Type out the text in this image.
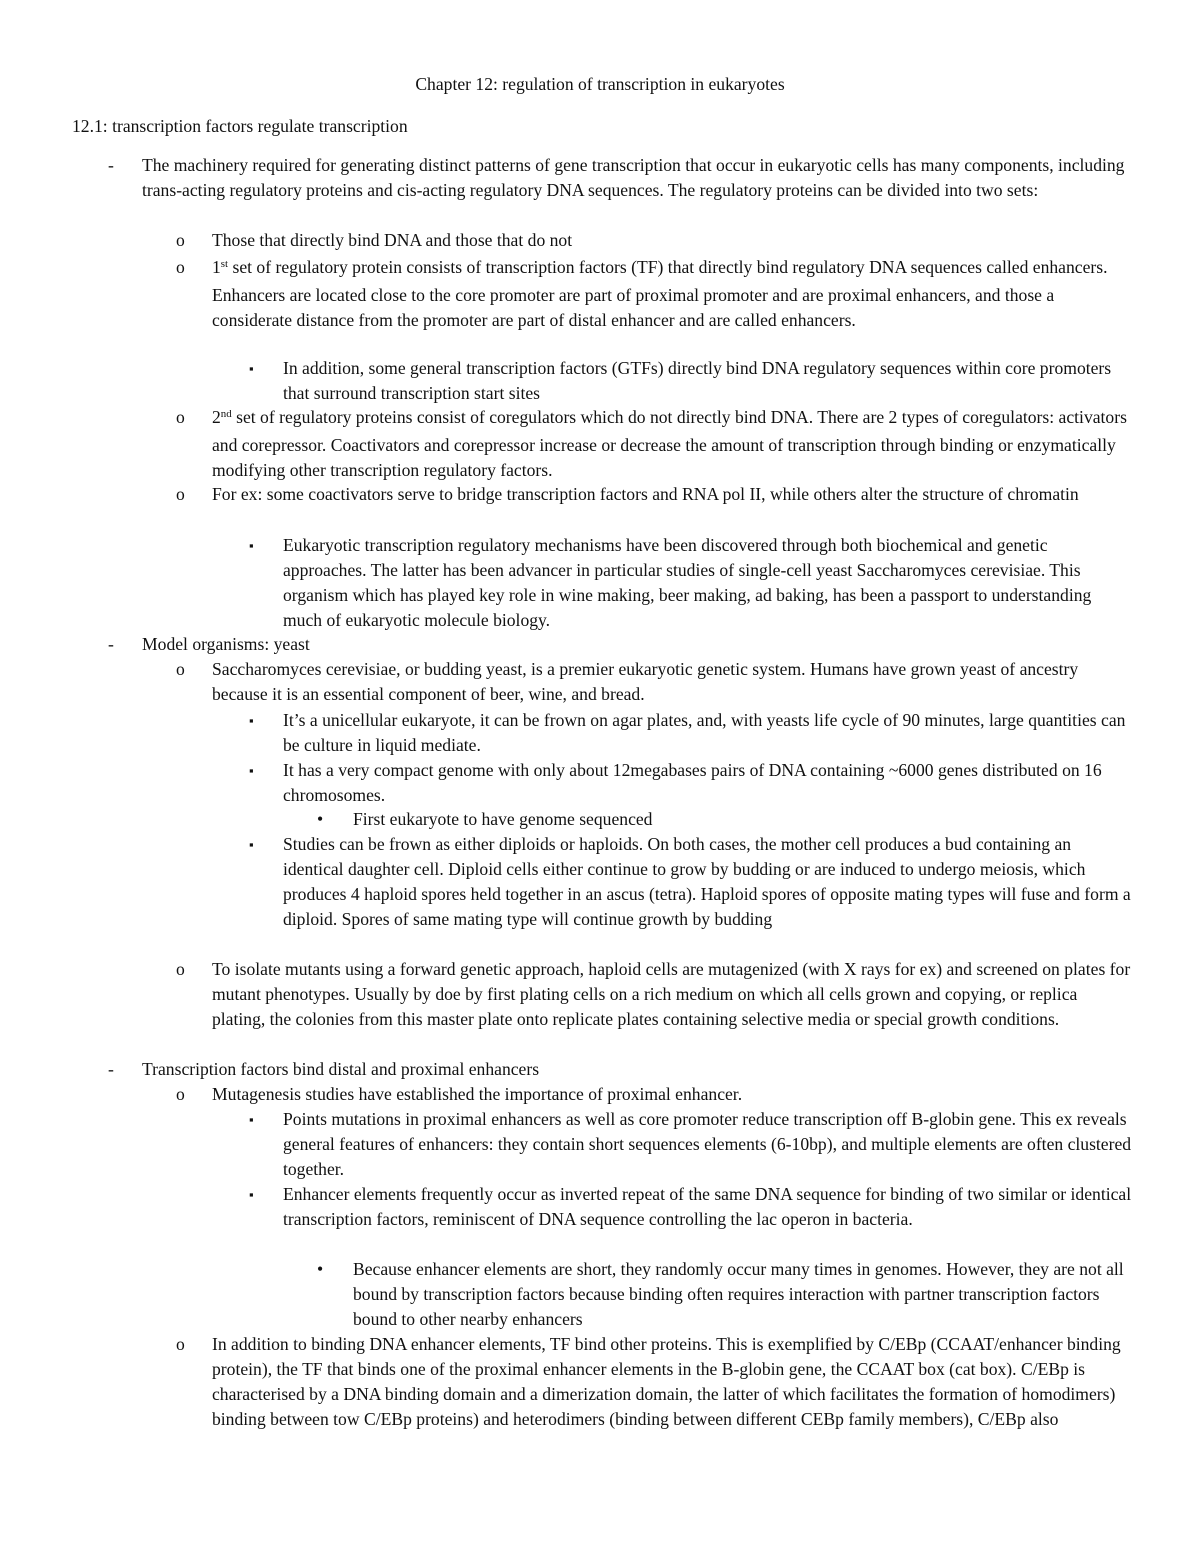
Chapter 12: regulation of transcription in eukaryotes
12.1: transcription factors regulate transcription
- The machinery required for generating distinct patterns of gene transcription that occur in eukaryotic cells has many components, including trans-acting regulatory proteins and cis-acting regulatory DNA sequences. The regulatory proteins can be divided into two sets:
o Those that directly bind DNA and those that do not
o 1st set of regulatory protein consists of transcription factors (TF) that directly bind regulatory DNA sequences called enhancers. Enhancers are located close to the core promoter are part of proximal promoter and are proximal enhancers, and those a considerate distance from the promoter are part of distal enhancer and are called enhancers.
▪ In addition, some general transcription factors (GTFs) directly bind DNA regulatory sequences within core promoters that surround transcription start sites
o 2nd set of regulatory proteins consist of coregulators which do not directly bind DNA. There are 2 types of coregulators: activators and corepressor. Coactivators and corepressor increase or decrease the amount of transcription through binding or enzymatically modifying other transcription regulatory factors.
o For ex: some coactivators serve to bridge transcription factors and RNA pol II, while others alter the structure of chromatin
▪ Eukaryotic transcription regulatory mechanisms have been discovered through both biochemical and genetic approaches. The latter has been advancer in particular studies of single-cell yeast Saccharomyces cerevisiae. This organism which has played key role in wine making, beer making, ad baking, has been a passport to understanding much of eukaryotic molecule biology.
- Model organisms: yeast
o Saccharomyces cerevisiae, or budding yeast, is a premier eukaryotic genetic system. Humans have grown yeast of ancestry because it is an essential component of beer, wine, and bread.
▪ It’s a unicellular eukaryote, it can be frown on agar plates, and, with yeasts life cycle of 90 minutes, large quantities can be culture in liquid mediate.
▪ It has a very compact genome with only about 12megabases pairs of DNA containing ~6000 genes distributed on 16 chromosomes.
• First eukaryote to have genome sequenced
▪ Studies can be frown as either diploids or haploids. On both cases, the mother cell produces a bud containing an identical daughter cell. Diploid cells either continue to grow by budding or are induced to undergo meiosis, which produces 4 haploid spores held together in an ascus (tetra). Haploid spores of opposite mating types will fuse and form a diploid. Spores of same mating type will continue growth by budding
o To isolate mutants using a forward genetic approach, haploid cells are mutagenized (with X rays for ex) and screened on plates for mutant phenotypes. Usually by doe by first plating cells on a rich medium on which all cells grown and copying, or replica plating, the colonies from this master plate onto replicate plates containing selective media or special growth conditions.
- Transcription factors bind distal and proximal enhancers
o Mutagenesis studies have established the importance of proximal enhancer.
▪ Points mutations in proximal enhancers as well as core promoter reduce transcription off B-globin gene. This ex reveals general features of enhancers: they contain short sequences elements (6-10bp), and multiple elements are often clustered together.
▪ Enhancer elements frequently occur as inverted repeat of the same DNA sequence for binding of two similar or identical transcription factors, reminiscent of DNA sequence controlling the lac operon in bacteria.
• Because enhancer elements are short, they randomly occur many times in genomes. However, they are not all bound by transcription factors because binding often requires interaction with partner transcription factors bound to other nearby enhancers
o In addition to binding DNA enhancer elements, TF bind other proteins. This is exemplified by C/EBp (CCAAT/enhancer binding protein), the TF that binds one of the proximal enhancer elements in the B-globin gene, the CCAAT box (cat box). C/EBp is characterised by a DNA binding domain and a dimerization domain, the latter of which facilitates the formation of homodimers) binding between tow C/EBp proteins) and heterodimers (binding between different CEBp family members), C/EBp also
